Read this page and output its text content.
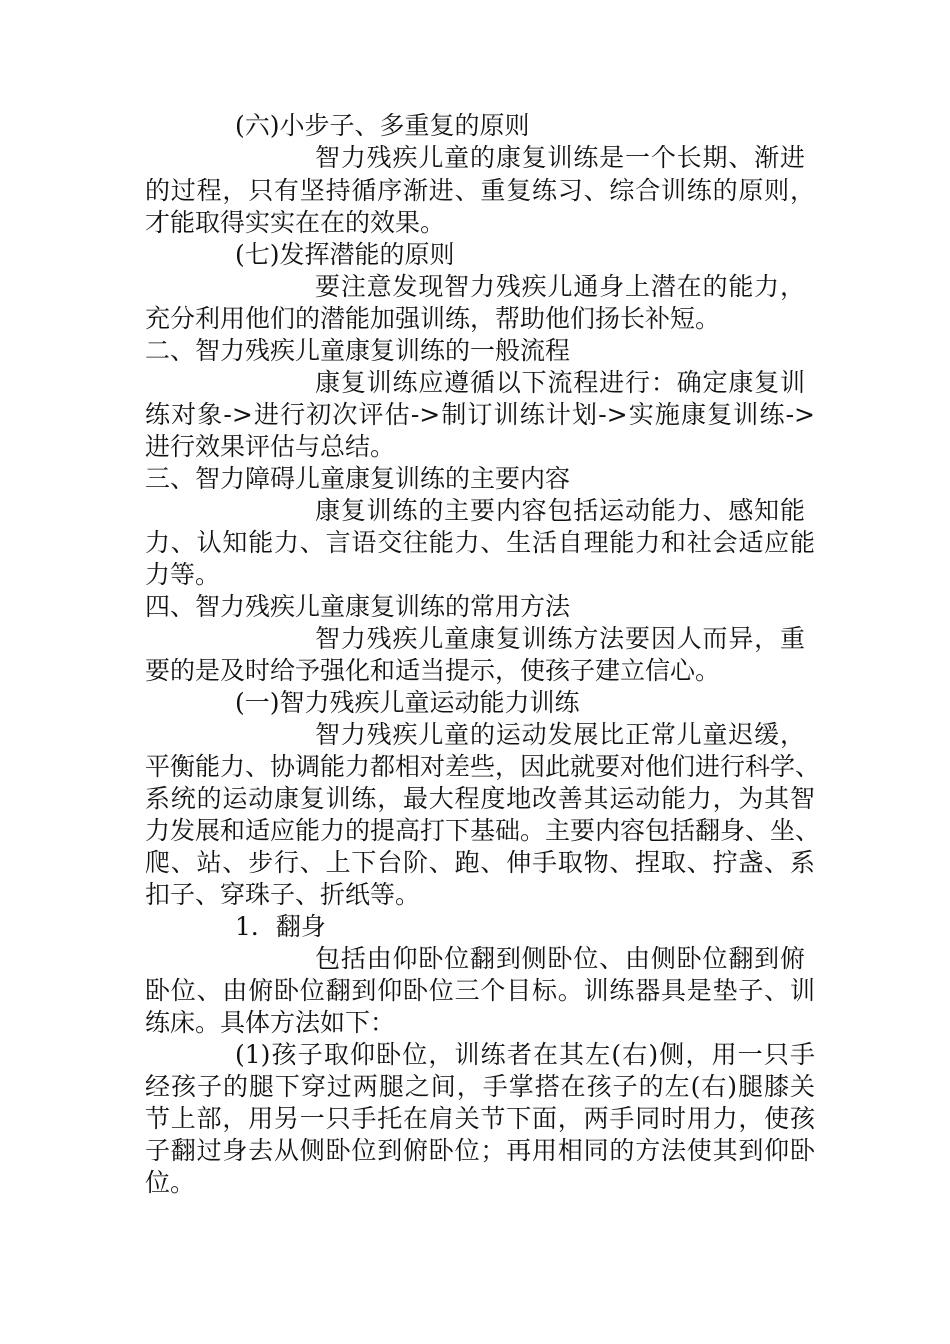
(六)小步子、多重复的原则
智力残疾儿童的康复训练是一个长期、渐进
的过程，只有坚持循序渐进、重复练习、综合训练的原则，
才能取得实实在在的效果。
(七)发挥潜能的原则
要注意发现智力残疾儿通身上潜在的能力，
充分利用他们的潜能加强训练，帮助他们扬长补短。
二、智力残疾儿童康复训练的一般流程
康复训练应遵循以下流程进行：确定康复训
练对象->进行初次评估->制订训练计划->实施康复训练->
进行效果评估与总结。
三、智力障碍儿童康复训练的主要内容
康复训练的主要内容包括运动能力、感知能
力、认知能力、言语交往能力、生活自理能力和社会适应能
力等。
四、智力残疾儿童康复训练的常用方法
智力残疾儿童康复训练方法要因人而异，重
要的是及时给予强化和适当提示，使孩子建立信心。
(一)智力残疾儿童运动能力训练
智力残疾儿童的运动发展比正常儿童迟缓，
平衡能力、协调能力都相对差些，因此就要对他们进行科学、
系统的运动康复训练，最大程度地改善其运动能力，为其智
力发展和适应能力的提高打下基础。主要内容包括翻身、坐、
爬、站、步行、上下台阶、跑、伸手取物、捏取、拧盏、系
扣子、穿珠子、折纸等。
1．翻身
包括由仰卧位翻到侧卧位、由侧卧位翻到俯
卧位、由俯卧位翻到仰卧位三个目标。训练器具是垫子、训
练床。具体方法如下：
(1)孩子取仰卧位，训练者在其左(右)侧，用一只手
经孩子的腿下穿过两腿之间，手掌搭在孩子的左(右)腿膝关
节上部，用另一只手托在肩关节下面，两手同时用力，使孩
子翻过身去从侧卧位到俯卧位；再用相同的方法使其到仰卧
位。
